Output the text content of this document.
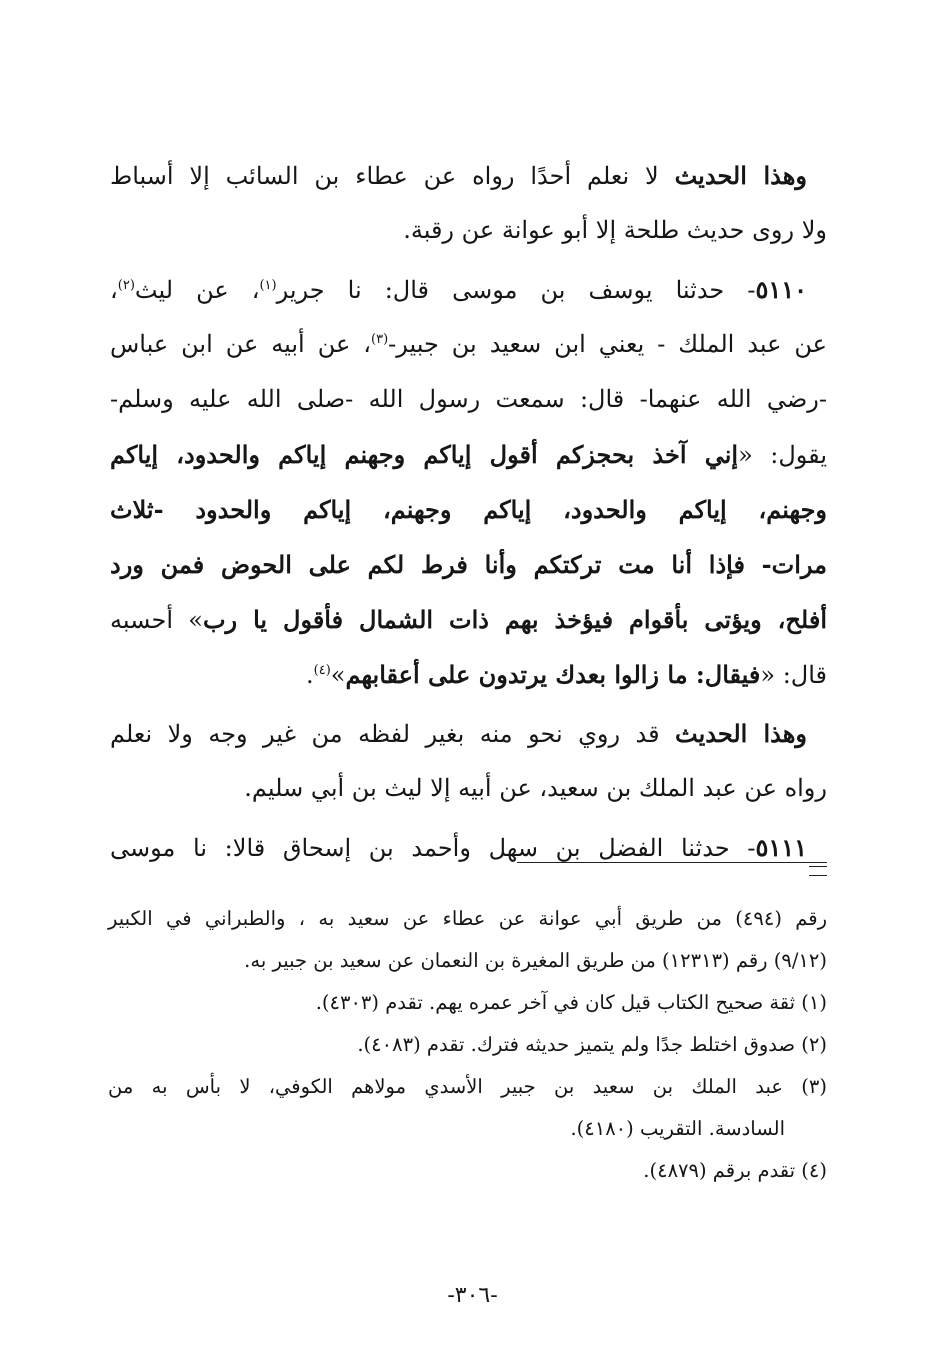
وهذا الحديث لا نعلم أحدًا رواه عن عطاء بن السائب إلا أسباط
ولا روى حديث طلحة إلا أبو عوانة عن رقبة.
٥١١٠- حدثنا يوسف بن موسى قال: نا جرير$^{(١)}$، عن ليث$^{(٢)}$،
عن عبد الملك - يعني ابن سعيد بن جبير-$^{(٣)}$، عن أبيه عن ابن عباس
-رضي الله عنهما- قال: سمعت رسول الله -صلى الله عليه وسلم-
يقول: «إني آخذ بحجزكم أقول إياكم وجهنم إياكم والحدود، إياكم
وجهنم، إياكم والحدود، إياكم وجهنم، إياكم والحدود -ثلاث
مرات- فإذا أنا مت تركتكم وأنا فرط لكم على الحوض فمن ورد
أفلح، ويؤتى بأقوام فيؤخذ بهم ذات الشمال فأقول يا رب» أحسبه
قال: «فيقال: ما زالوا بعدك يرتدون على أعقابهم»$^{(٤)}$.
وهذا الحديث قد روي نحو منه بغير لفظه من غير وجه ولا نعلم
رواه عن عبد الملك بن سعيد، عن أبيه إلا ليث بن أبي سليم.
٥١١١- حدثنا الفضل بن سهل وأحمد بن إسحاق قالا: نا موسى
رقم (٤٩٤) من طريق أبي عوانة عن عطاء عن سعيد به ، والطبراني في الكبير
(٩/١٢) رقم (١٢٣١٣) من طريق المغيرة بن النعمان عن سعيد بن جبير به.
(١) ثقة صحيح الكتاب قيل كان في آخر عمره يهم. تقدم (٤٣٠٣).
(٢) صدوق اختلط جدًا ولم يتميز حديثه فترك. تقدم (٤٠٨٣).
(٣) عبد الملك بن سعيد بن جبير الأسدي مولاهم الكوفي، لا بأس به من
السادسة. التقريب (٤١٨٠).
(٤) تقدم برقم (٤٨٧٩).
-٣٠٦-
